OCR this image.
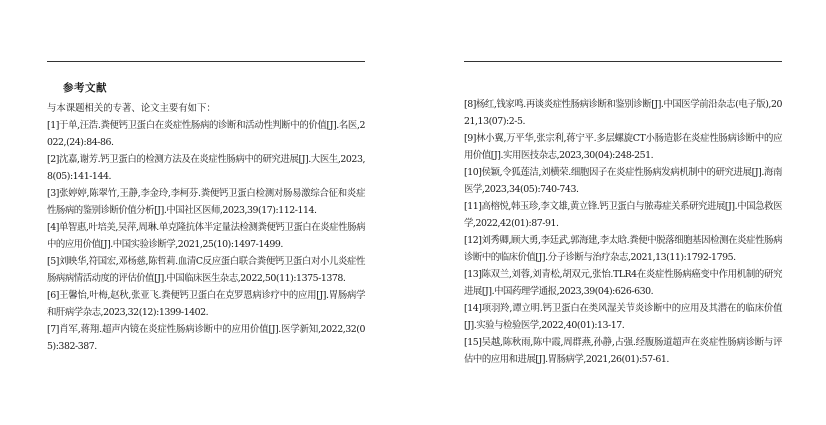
参考文献
与本课题相关的专著、论文主要有如下：

[1]于单,汪浩.粪便钙卫蛋白在炎症性肠病的诊断和活动性判断中的价值[J].名医,2022,(24):84-86.

[2]沈嘉,谢芳.钙卫蛋白的检测方法及在炎症性肠病中的研究进展[J].大医生,2023,8(05):141-144.

[3]张婷婷,陈翠竹,王静,李金玲,李柯芬.粪便钙卫蛋白检测对肠易激综合征和炎症性肠病的鉴别诊断价值分析[J].中国社区医师,2023,39(17):112-114.

[4]单智惠,叶培美,吴萍,周琳.单克隆抗体半定量法检测粪便钙卫蛋白在炎症性肠病中的应用价值[J].中国实验诊断学,2021,25(10):1497-1499.

[5]刘映华,符国宏,邓杨慈,陈哲莉.血清C反应蛋白联合粪便钙卫蛋白对小儿炎症性肠病病情活动度的评估价值[J].中国临床医生杂志,2022,50(11):1375-1378.

[6]王馨怡,叶梅,赵秋,张亚飞.粪便钙卫蛋白在克罗恩病诊疗中的应用[J].胃肠病学和肝病学杂志,2023,32(12):1399-1402.

[7]肖军,蒋翔.超声内镜在炎症性肠病诊断中的应用价值[J].医学新知,2022,32(05):382-387.

[8]杨红,钱家鸣.再谈炎症性肠病诊断和鉴别诊断[J].中国医学前沿杂志(电子版),2021,13(07):2-5.

[9]林小翼,万平华,张宗利,蒋宁平.多层螺旋CT小肠造影在炎症性肠病诊断中的应用价值[J].实用医技杂志,2023,30(04):248-251.

[10]侯颖,令狐莲洁,刘横荣.细胞因子在炎症性肠病发病机制中的研究进展[J].海南医学,2023,34(05):740-743.

[11]高榕悦,韩玉珍,李文雄,黄立锋.钙卫蛋白与脓毒症关系研究进展[J].中国急救医学,2022,42(01):87-91.

[12]刘秀卿,顾大勇,李廷武,郭海建,李太晗.粪便中脱落细胞基因检测在炎症性肠病诊断中的临床价值[J].分子诊断与治疗杂志,2021,13(11):1792-1795.

[13]陈双兰,刘蓉,刘青松,胡双元,张怡.TLR4在炎症性肠病癌变中作用机制的研究进展[J].中国药理学通报,2023,39(04):626-630.

[14]项羽羚,谭立明.钙卫蛋白在类风湿关节炎诊断中的应用及其潜在的临床价值[J].实验与检验医学,2022,40(01):13-17.

[15]吴越,陈秋雨,陈中霞,周群燕,孙静,占强.经腹肠道超声在炎症性肠病诊断与评估中的应用和进展[J].胃肠病学,2021,26(01):57-61.
